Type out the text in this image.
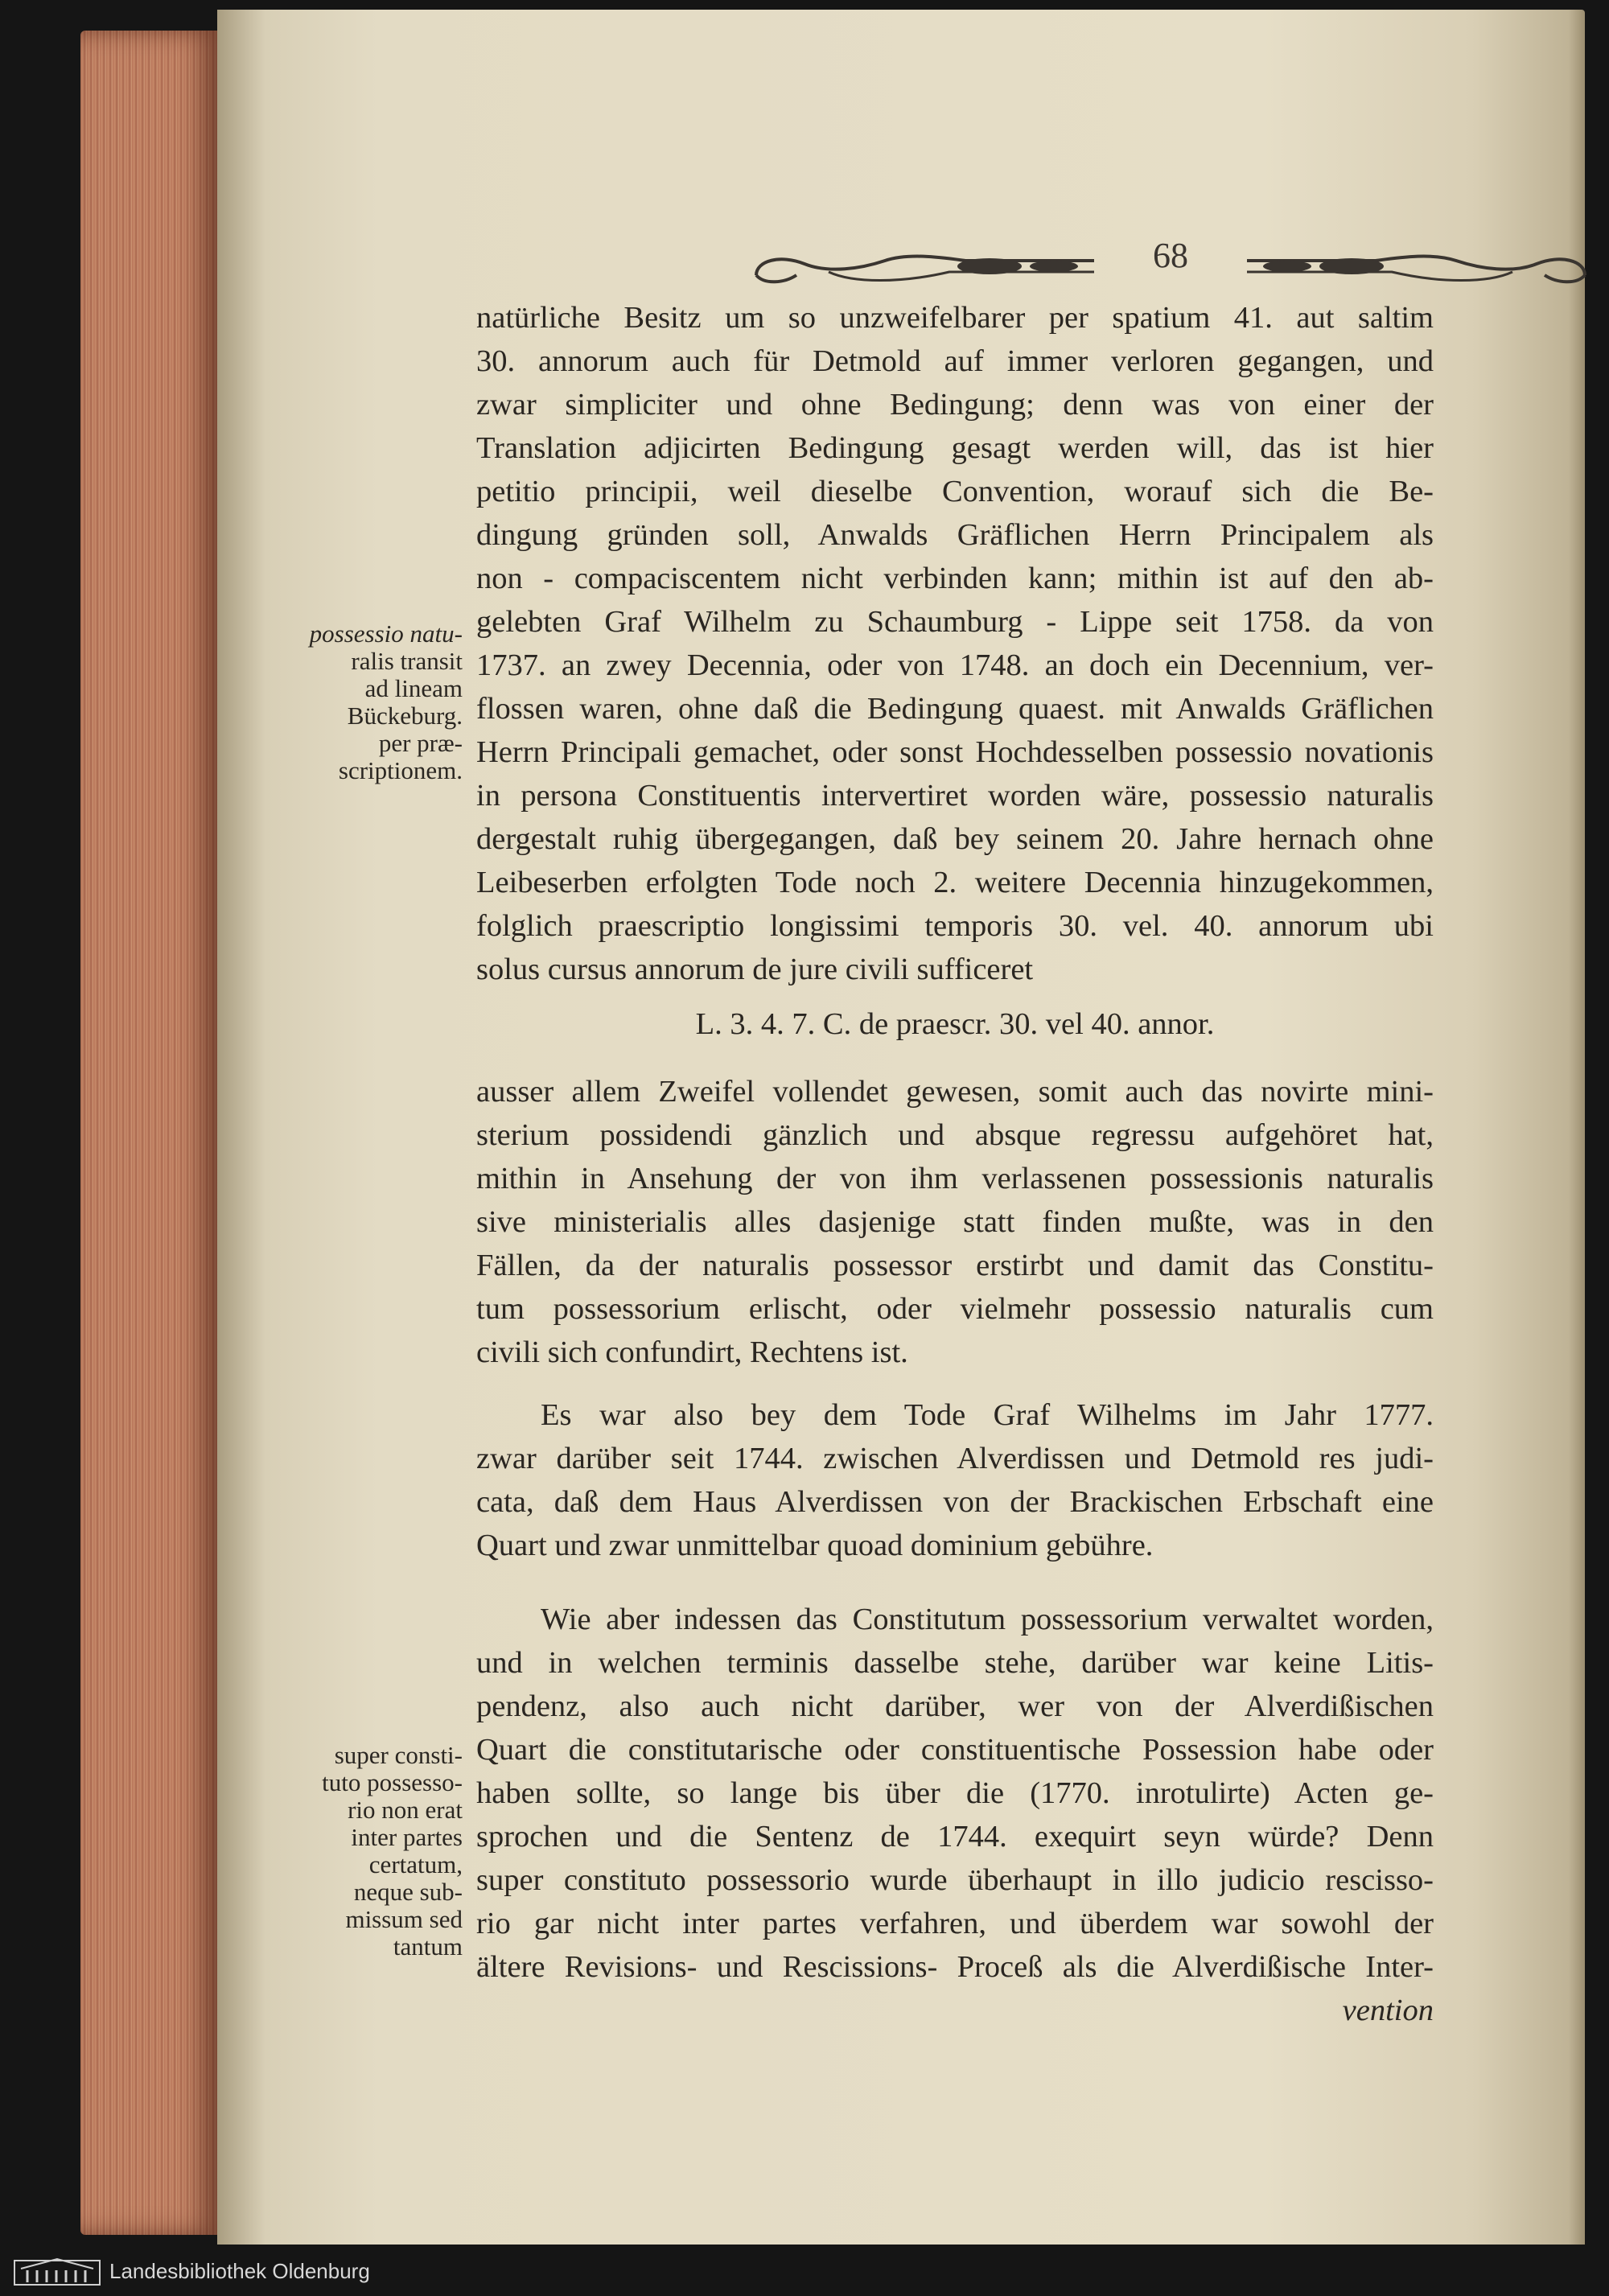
68
natürliche Besitz um so unzweifelbarer per spatium 41. aut saltim
30. annorum auch für Detmold auf immer verloren gegangen, und
zwar simpliciter und ohne Bedingung; denn was von einer der
Translation adjicirten Bedingung gesagt werden will, das ist hier
petitio principii, weil dieselbe Convention, worauf sich die Be-
dingung gründen soll, Anwalds Gräflichen Herrn Principalem als
non - compaciscentem nicht verbinden kann; mithin ist auf den ab-
gelebten Graf Wilhelm zu Schaumburg - Lippe seit 1758. da von
1737. an zwey Decennia, oder von 1748. an doch ein Decennium, ver-
flossen waren, ohne daß die Bedingung quaest. mit Anwalds Gräflichen
Herrn Principali gemachet, oder sonst Hochdesselben possessio novationis
in persona Constituentis intervertiret worden wäre, possessio naturalis
dergestalt ruhig übergegangen, daß bey seinem 20. Jahre hernach ohne
Leibeserben erfolgten Tode noch 2. weitere Decennia hinzugekommen,
folglich praescriptio longissimi temporis 30. vel. 40. annorum ubi
solus cursus annorum de jure civili sufficeret
L. 3. 4. 7. C. de praescr. 30. vel 40. annor.
ausser allem Zweifel vollendet gewesen, somit auch das novirte mini-
sterium possidendi gänzlich und absque regressu aufgehöret hat,
mithin in Ansehung der von ihm verlassenen possessionis naturalis
sive ministerialis alles dasjenige statt finden mußte, was in den
Fällen, da der naturalis possessor erstirbt und damit das Constitu-
tum possessorium erlischt, oder vielmehr possessio naturalis cum
civili sich confundirt, Rechtens ist.
Es war also bey dem Tode Graf Wilhelms im Jahr 1777.
zwar darüber seit 1744. zwischen Alverdissen und Detmold res judi-
cata, daß dem Haus Alverdissen von der Brackischen Erbschaft eine
Quart und zwar unmittelbar quoad dominium gebühre.
Wie aber indessen das Constitutum possessorium verwaltet worden,
und in welchen terminis dasselbe stehe, darüber war keine Litis-
pendenz, also auch nicht darüber, wer von der Alverdißischen
Quart die constitutarische oder constituentische Possession habe oder
haben sollte, so lange bis über die (1770. inrotulirte) Acten ge-
sprochen und die Sentenz de 1744. exequirt seyn würde? Denn
super constituto possessorio wurde überhaupt in illo judicio rescisso-
rio gar nicht inter partes verfahren, und überdem war sowohl der
ältere Revisions- und Rescissions- Proceß als die Alverdißische Inter-
vention
possessio natu-
ralis transit
ad lineam
Bückeburg.
per præ-
scriptionem.
super consti-
tuto possesso-
rio non erat
inter partes
certatum,
neque sub-
missum sed
tantum
Landesbibliothek Oldenburg
